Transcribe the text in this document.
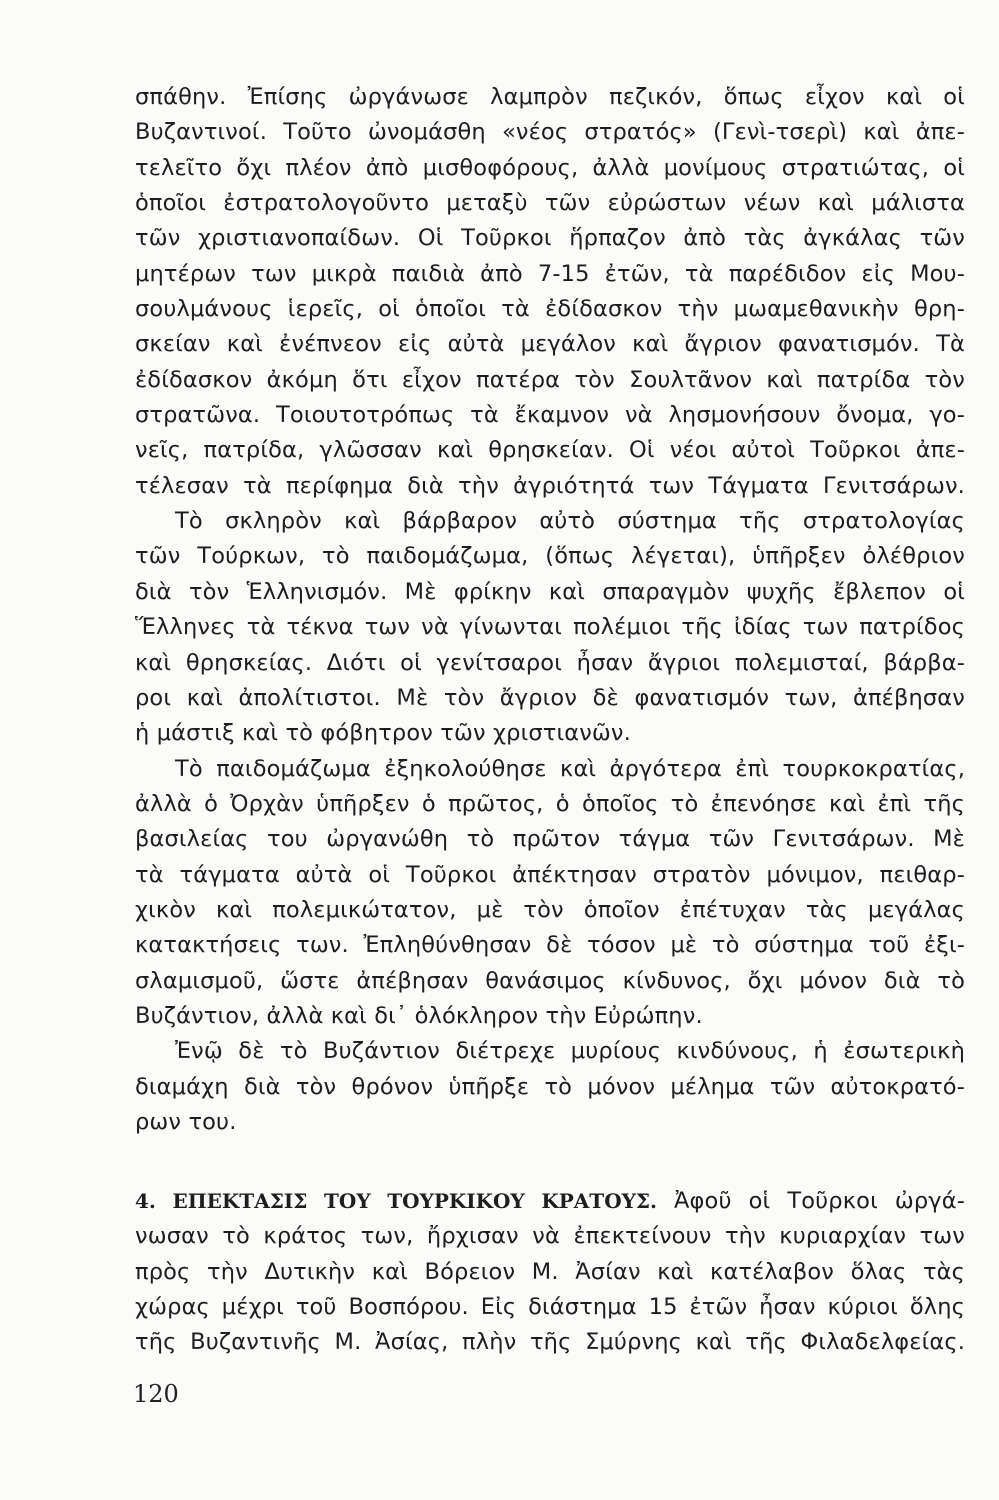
σπάθην. Ἐπίσης ὠργάνωσε λαμπρὸν πεζικόν, ὅπως εἶχον καὶ οἱ
Βυζαντινοί. Τοῦτο ὠνομάσθη «νέος στρατός» (Γενὶ-τσερὶ) καὶ ἀπε-
τελεῖτο ὄχι πλέον ἀπὸ μισθοφόρους, ἀλλὰ μονίμους στρατιώτας, οἱ
ὁποῖοι ἐστρατολογοῦντο μεταξὺ τῶν εὐρώστων νέων καὶ μάλιστα
τῶν χριστιανοπαίδων. Οἱ Τοῦρκοι ἥρπαζον ἀπὸ τὰς ἀγκάλας τῶν
μητέρων των μικρὰ παιδιὰ ἀπὸ 7-15 ἐτῶν, τὰ παρέδιδον εἰς Μου-
σουλμάνους ἱερεῖς, οἱ ὁποῖοι τὰ ἐδίδασκον τὴν μωαμεθανικὴν θρη-
σκείαν καὶ ἐνέπνεον εἰς αὐτὰ μεγάλον καὶ ἄγριον φανατισμόν. Τὰ
ἐδίδασκον ἀκόμη ὅτι εἶχον πατέρα τὸν Σουλτᾶνον καὶ πατρίδα τὸν
στρατῶνα. Τοιουτοτρόπως τὰ ἔκαμνον νὰ λησμονήσουν ὄνομα, γο-
νεῖς, πατρίδα, γλῶσσαν καὶ θρησκείαν. Οἱ νέοι αὐτοὶ Τοῦρκοι ἀπε-
τέλεσαν τὰ περίφημα διὰ τὴν ἀγριότητά των Τάγματα Γενιτσάρων.
Τὸ σκληρὸν καὶ βάρβαρον αὐτὸ σύστημα τῆς στρατολογίας
τῶν Τούρκων, τὸ παιδομάζωμα, (ὅπως λέγεται), ὑπῆρξεν ὀλέθριον
διὰ τὸν Ἑλληνισμόν. Μὲ φρίκην καὶ σπαραγμὸν ψυχῆς ἔβλεπον οἱ
Ἕλληνες τὰ τέκνα των νὰ γίνωνται πολέμιοι τῆς ἰδίας των πατρίδος
καὶ θρησκείας. Διότι οἱ γενίτσαροι ἦσαν ἄγριοι πολεμισταί, βάρβα-
ροι καὶ ἀπολίτιστοι. Μὲ τὸν ἄγριον δὲ φανατισμόν των, ἀπέβησαν
ἡ μάστιξ καὶ τὸ φόβητρον τῶν χριστιανῶν.
Τὸ παιδομάζωμα ἐξηκολούθησε καὶ ἀργότερα ἐπὶ τουρκοκρατίας,
ἀλλὰ ὁ Ὀρχὰν ὑπῆρξεν ὁ πρῶτος, ὁ ὁποῖος τὸ ἐπενόησε καὶ ἐπὶ τῆς
βασιλείας του ὠργανώθη τὸ πρῶτον τάγμα τῶν Γενιτσάρων. Μὲ
τὰ τάγματα αὐτὰ οἱ Τοῦρκοι ἀπέκτησαν στρατὸν μόνιμον, πειθαρ-
χικὸν καὶ πολεμικώτατον, μὲ τὸν ὁποῖον ἐπέτυχαν τὰς μεγάλας
κατακτήσεις των. Ἐπληθύνθησαν δὲ τόσον μὲ τὸ σύστημα τοῦ ἐξι-
σλαμισμοῦ, ὥστε ἀπέβησαν θανάσιμος κίνδυνος, ὄχι μόνον διὰ τὸ
Βυζάντιον, ἀλλὰ καὶ δι᾽ ὁλόκληρον τὴν Εὐρώπην.
Ἐνῷ δὲ τὸ Βυζάντιον διέτρεχε μυρίους κινδύνους, ἡ ἐσωτερικὴ
διαμάχη διὰ τὸν θρόνον ὑπῆρξε τὸ μόνον μέλημα τῶν αὐτοκρατό-
ρων του.
4. ΕΠΕΚΤΑΣΙΣ ΤΟΥ ΤΟΥΡΚΙΚΟΥ ΚΡΑΤΟΥΣ. Ἀφοῦ οἱ Τοῦρκοι ὠργά-
νωσαν τὸ κράτος των, ἤρχισαν νὰ ἐπεκτείνουν τὴν κυριαρχίαν των
πρὸς τὴν Δυτικὴν καὶ Βόρειον Μ. Ἀσίαν καὶ κατέλαβον ὅλας τὰς
χώρας μέχρι τοῦ Βοσπόρου. Εἰς διάστημα 15 ἐτῶν ἦσαν κύριοι ὅλης
τῆς Βυζαντινῆς Μ. Ἀσίας, πλὴν τῆς Σμύρνης καὶ τῆς Φιλαδελφείας.
120
